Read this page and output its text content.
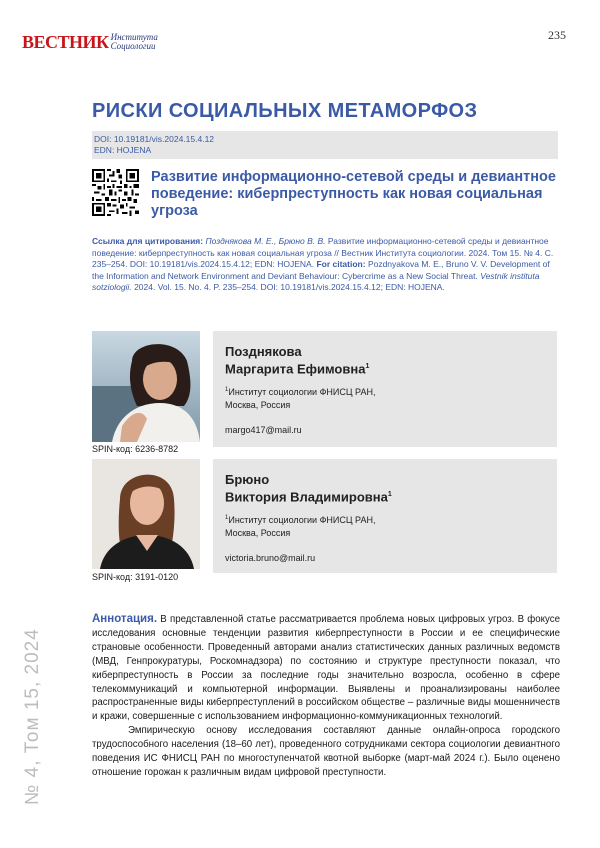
ВЕСТНИК Института
Социологии
235
РИСКИ СОЦИАЛЬНЫХ МЕТАМОРФОЗ
DOI: 10.19181/vis.2024.15.4.12
EDN: HOJENA
Развитие информационно-сетевой среды и девиантное поведение: киберпреступность как новая социальная угроза
Ссылка для цитирования: Позднякова М. Е., Брюно В. В. Развитие информационно-сетевой среды и девиантное поведение: киберпреступность как новая социальная угроза // Вестник Института социологии. 2024. Том 15. № 4. С. 235–254. DOI: 10.19181/vis.2024.15.4.12; EDN: HOJENA. For citation: Pozdnyakova M. E., Bruno V. V. Development of the Information and Network Environment and Deviant Behaviour: Cybercrime as a New Social Threat. Vestnik instituta sotziologii. 2024. Vol. 15. No. 4. P. 235–254. DOI: 10.19181/vis.2024.15.4.12; EDN: HOJENA.
SPIN-код: 6236-8782
Позднякова
Маргарита Ефимовна$^1$
$^1$Институт социологии ФНИСЦ РАН,
Москва, Россия
margo417@mail.ru
SPIN-код: 3191-0120
Брюно
Виктория Владимировна$^1$
$^1$Институт социологии ФНИСЦ РАН,
Москва, Россия
victoria.bruno@mail.ru
№ 4, Том 15, 2024

Аннотация. В представленной статье рассматривается проблема новых цифровых угроз. В фокусе исследования основные тенденции развития киберпреступности в России и ее специфические страновые особенности. Проведенный авторами анализ статистических данных различных ведомств (МВД, Генпрокуратуры, Роскомнадзора) по состоянию и структуре преступности показал, что киберпреступность в России за последние годы значительно возросла, особенно в сфере телекоммуникаций и компьютерной информации. Выявлены и проанализированы наиболее распространенные виды киберпреступлений в российском обществе – различные виды мошенничеств и кражи, совершенные с использованием информационно-коммуникационных технологий.

Эмпирическую основу исследования составляют данные онлайн-опроса городского трудоспособного населения (18–60 лет), проведенного сотрудниками сектора социологии девиантного поведения ИС ФНИСЦ РАН по многоступенчатой квотной выборке (март-май 2024 г.). Было оценено отношение горожан к различным видам цифровой преступности.
